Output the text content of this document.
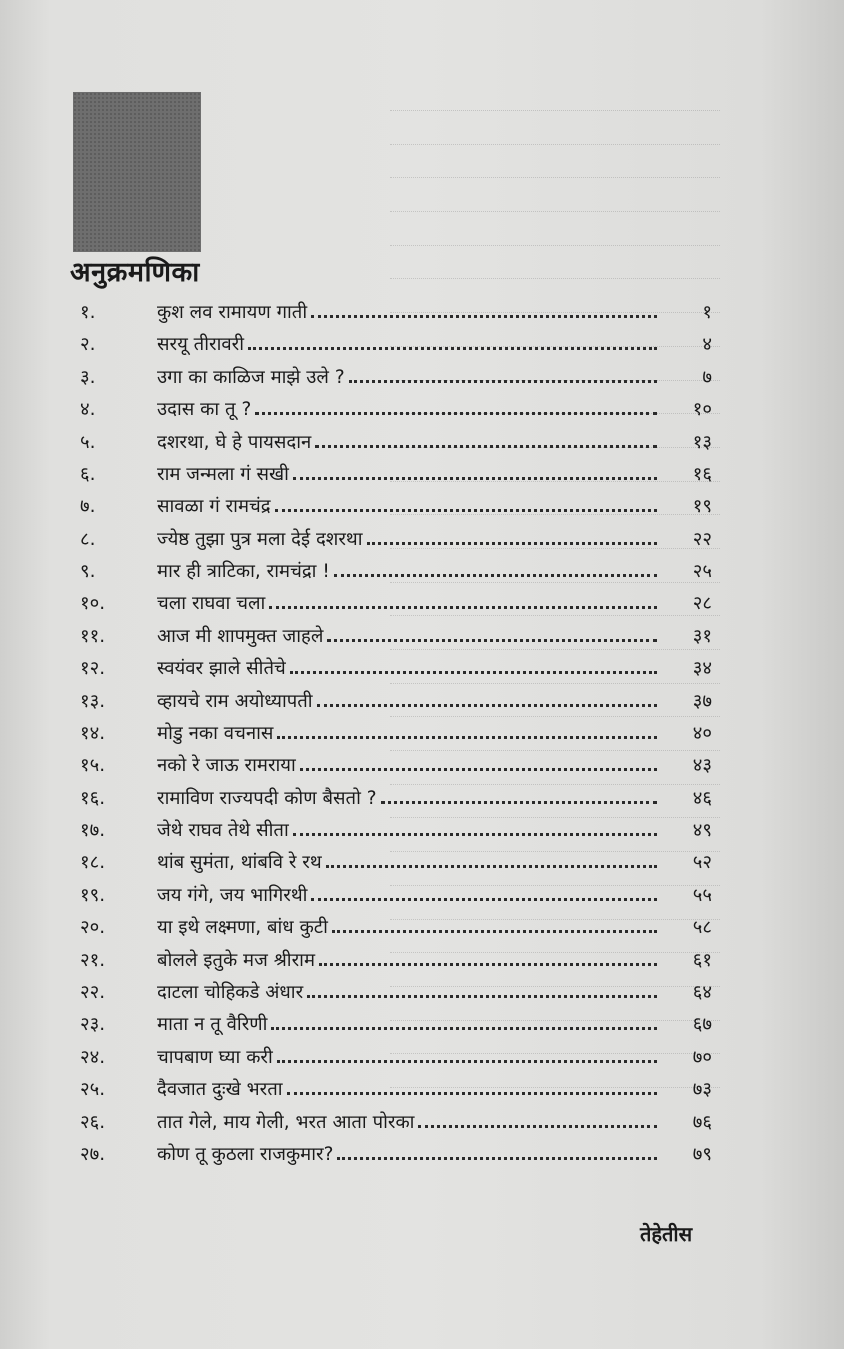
अनुक्रमणिका
१.	कुश लव रामायण गाती	१
२.	सरयू तीरावरी	४
३.	उगा का काळिज माझे उले ?	७
४.	उदास का तू ?	१०
५.	दशरथा, घे हे पायसदान	१३
६.	राम जन्मला गं सखी	१६
७.	सावळा गं रामचंद्र	१९
८.	ज्येष्ठ तुझा पुत्र मला देई दशरथा	२२
९.	मार ही त्राटिका, रामचंद्रा !	२५
१०.	चला राघवा चला	२८
११.	आज मी शापमुक्त जाहले	३१
१२.	स्वयंवर झाले सीतेचे	३४
१३.	व्हायचे राम अयोध्यापती	३७
१४.	मोडु नका वचनास	४०
१५.	नको रे जाऊ रामराया	४३
१६.	रामाविण राज्यपदी कोण बैसतो ?	४६
१७.	जेथे राघव तेथे सीता	४९
१८.	थांब सुमंता, थांबवि रे रथ	५२
१९.	जय गंगे, जय भागिरथी	५५
२०.	या इथे लक्ष्मणा, बांध कुटी	५८
२१.	बोलले इतुके मज श्रीराम	६१
२२.	दाटला चोहिकडे अंधार	६४
२३.	माता न तू वैरिणी	६७
२४.	चापबाण घ्या करी	७०
२५.	दैवजात दुःखे भरता	७३
२६.	तात गेले, माय गेली, भरत आता पोरका	७६
२७.	कोण तू कुठला राजकुमार?	७९
तेहेतीस
